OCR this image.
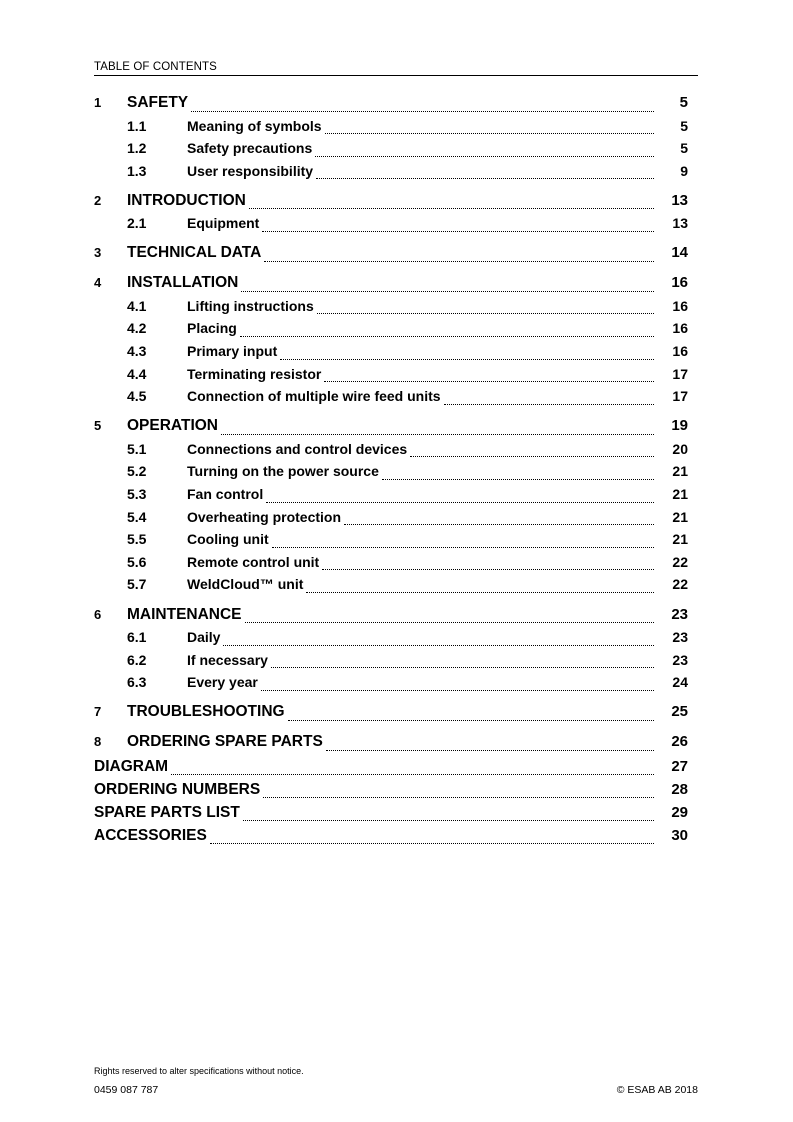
TABLE OF CONTENTS
1	SAFETY	5
1.1	Meaning of symbols	5
1.2	Safety precautions	5
1.3	User responsibility	9
2	INTRODUCTION	13
2.1	Equipment	13
3	TECHNICAL DATA	14
4	INSTALLATION	16
4.1	Lifting instructions	16
4.2	Placing	16
4.3	Primary input	16
4.4	Terminating resistor	17
4.5	Connection of multiple wire feed units	17
5	OPERATION	19
5.1	Connections and control devices	20
5.2	Turning on the power source	21
5.3	Fan control	21
5.4	Overheating protection	21
5.5	Cooling unit	21
5.6	Remote control unit	22
5.7	WeldCloud™ unit	22
6	MAINTENANCE	23
6.1	Daily	23
6.2	If necessary	23
6.3	Every year	24
7	TROUBLESHOOTING	25
8	ORDERING SPARE PARTS	26
DIAGRAM	27
ORDERING NUMBERS	28
SPARE PARTS LIST	29
ACCESSORIES	30
Rights reserved to alter specifications without notice.
0459 087 787	© ESAB AB 2018
